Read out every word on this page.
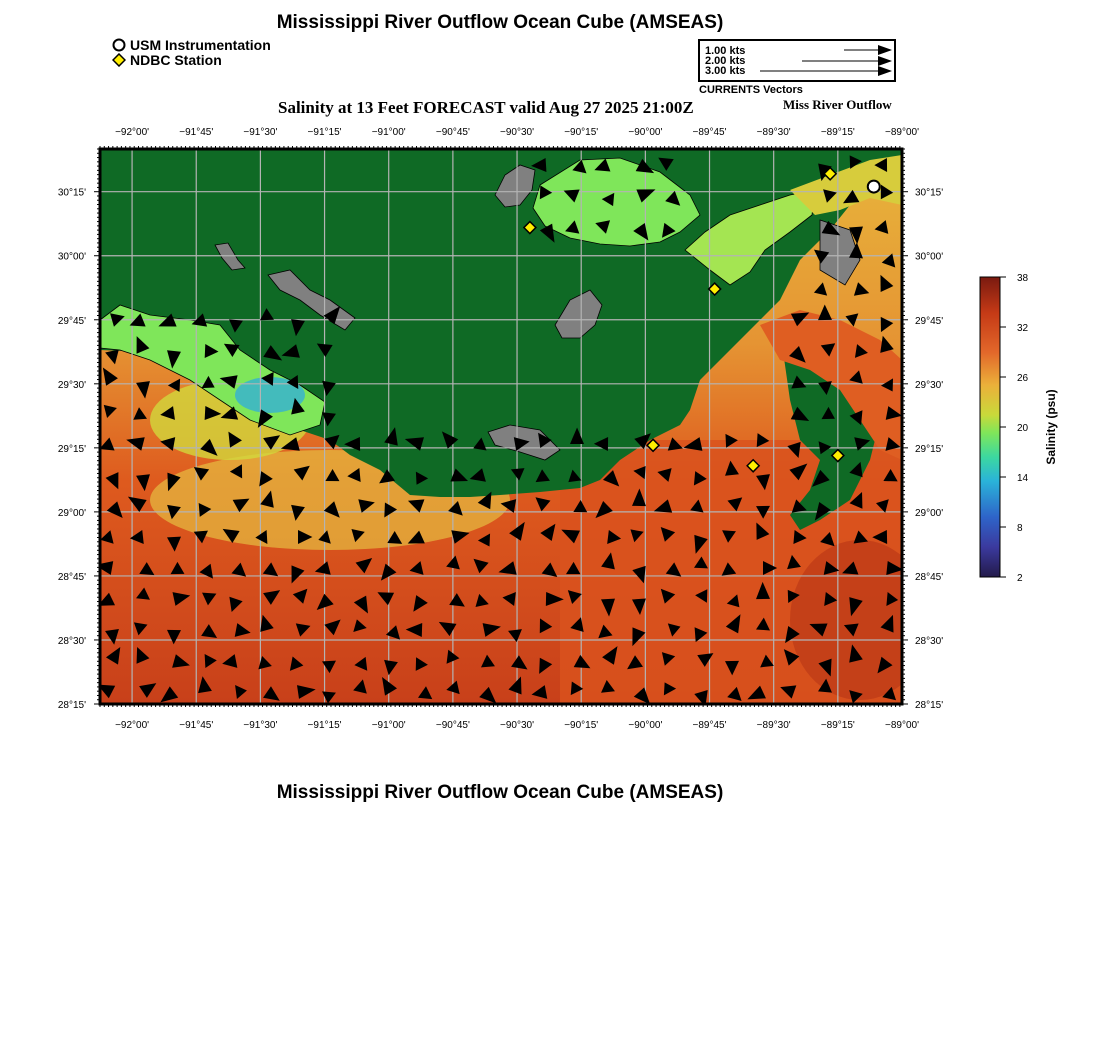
Mississippi River Outflow Ocean Cube (AMSEAS)
USM Instrumentation
NDBC Station
1.00 kts
2.00 kts
3.00 kts
CURRENTS Vectors
Salinity at 13 Feet FORECAST valid Aug 27 2025 21:00Z	Miss River Outflow
−92°00'	−91°45'	−91°30'	−91°15'	−91°00'	−90°45'	−90°30'	−90°15'	−90°00'	−89°45'	−89°30'	−89°15'	−89°00'
−92°00'	−91°45'	−91°30'	−91°15'	−91°00'	−90°45'	−90°30'	−90°15'	−90°00'	−89°45'	−89°30'	−89°15'	−89°00'
30°15'
30°00'
29°45'
29°30'
29°15'
29°00'
28°45'
28°30'
28°15'
30°15'
30°00'
29°45'
29°30'
29°15'
29°00'
28°45'
28°30'
28°15'
38
32
26
20
14
8
2
Salinity (psu)
Mississippi River Outflow Ocean Cube (AMSEAS)
